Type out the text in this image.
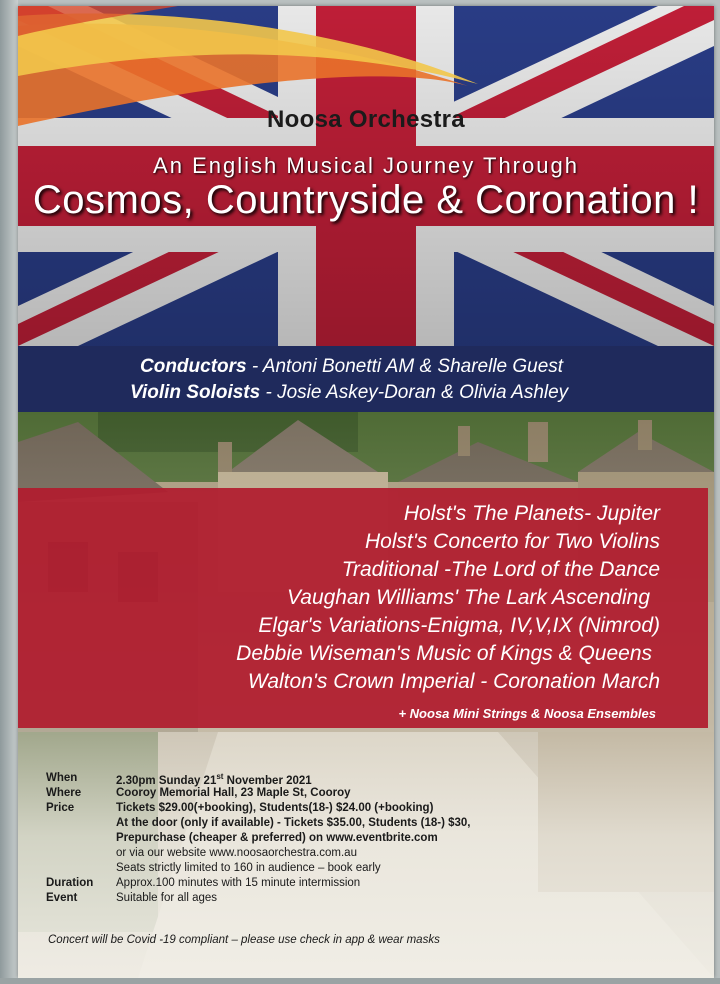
Noosa Orchestra
An English Musical Journey Through
Cosmos, Countryside & Coronation !
Conductors - Antoni Bonetti AM & Sharelle Guest
Violin Soloists - Josie Askey-Doran & Olivia Ashley
Holst's The Planets- Jupiter
Holst's Concerto for Two Violins
Traditional -The Lord of the Dance
Vaughan Williams' The Lark Ascending
Elgar's Variations-Enigma, IV,V,IX (Nimrod)
Debbie Wiseman's Music of Kings & Queens
Walton's Crown Imperial - Coronation March
+ Noosa Mini Strings & Noosa Ensembles
When	2.30pm Sunday 21st November 2021
Where	Cooroy Memorial Hall, 23 Maple St, Cooroy
Price	Tickets $29.00(+booking), Students(18-) $24.00 (+booking)
At the door (only if available) - Tickets $35.00, Students (18-) $30,
Prepurchase (cheaper & preferred) on www.eventbrite.com
or via our website www.noosaorchestra.com.au
Seats strictly limited to 160 in audience – book early
Duration	Approx.100 minutes with 15 minute intermission
Event	Suitable for all ages
Concert will be Covid -19 compliant – please use check in app & wear masks
